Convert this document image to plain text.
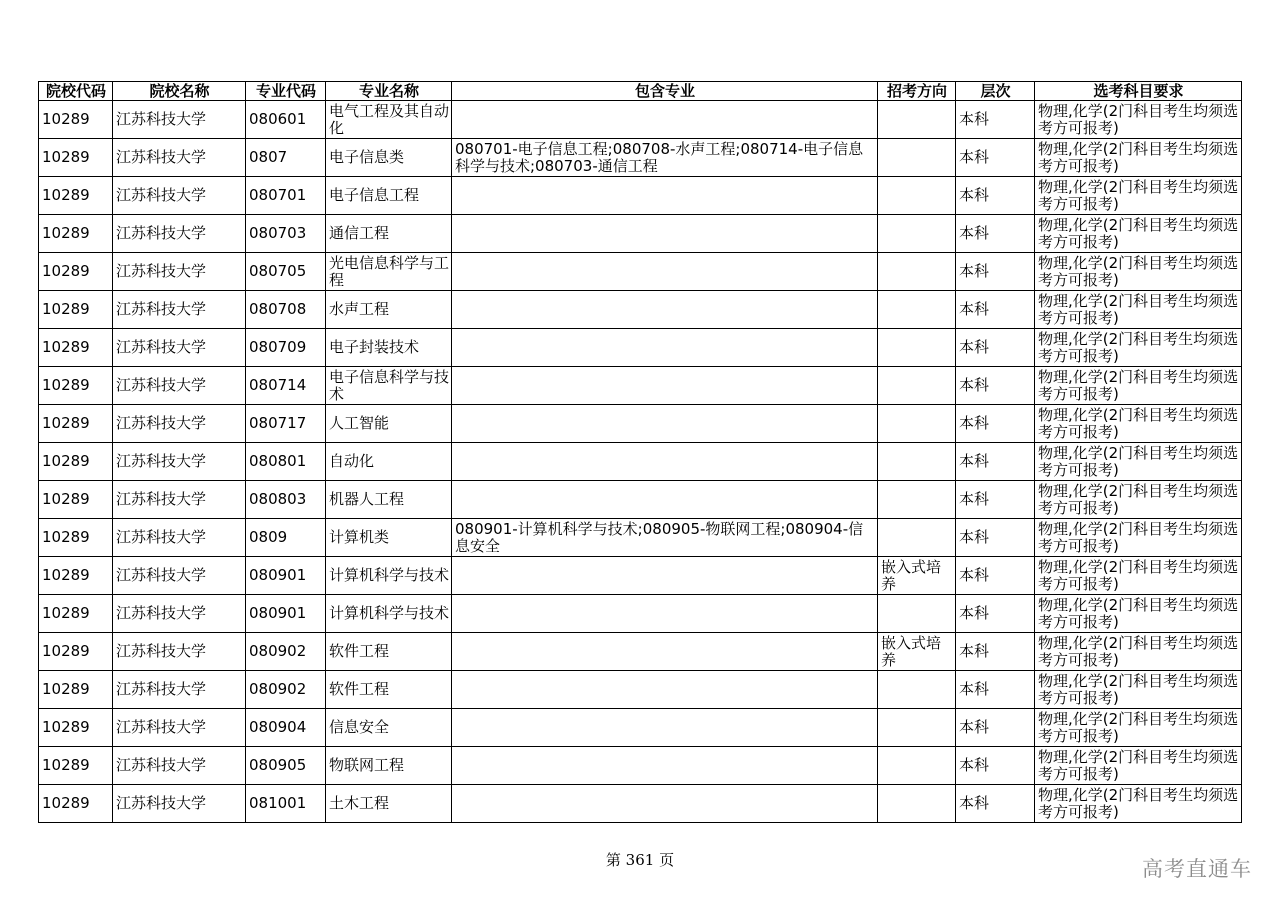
院校代码	院校名称	专业代码	专业名称	包含专业	招考方向	层次	选考科目要求
10289	江苏科技大学	080601	电气工程及其自动化			本科	物理,化学(2门科目考生均须选考方可报考)
10289	江苏科技大学	0807	电子信息类	080701-电子信息工程;080708-水声工程;080714-电子信息科学与技术;080703-通信工程		本科	物理,化学(2门科目考生均须选考方可报考)
10289	江苏科技大学	080701	电子信息工程			本科	物理,化学(2门科目考生均须选考方可报考)
10289	江苏科技大学	080703	通信工程			本科	物理,化学(2门科目考生均须选考方可报考)
10289	江苏科技大学	080705	光电信息科学与工程			本科	物理,化学(2门科目考生均须选考方可报考)
10289	江苏科技大学	080708	水声工程			本科	物理,化学(2门科目考生均须选考方可报考)
10289	江苏科技大学	080709	电子封装技术			本科	物理,化学(2门科目考生均须选考方可报考)
10289	江苏科技大学	080714	电子信息科学与技术			本科	物理,化学(2门科目考生均须选考方可报考)
10289	江苏科技大学	080717	人工智能			本科	物理,化学(2门科目考生均须选考方可报考)
10289	江苏科技大学	080801	自动化			本科	物理,化学(2门科目考生均须选考方可报考)
10289	江苏科技大学	080803	机器人工程			本科	物理,化学(2门科目考生均须选考方可报考)
10289	江苏科技大学	0809	计算机类	080901-计算机科学与技术;080905-物联网工程;080904-信息安全		本科	物理,化学(2门科目考生均须选考方可报考)
10289	江苏科技大学	080901	计算机科学与技术		嵌入式培养	本科	物理,化学(2门科目考生均须选考方可报考)
10289	江苏科技大学	080901	计算机科学与技术			本科	物理,化学(2门科目考生均须选考方可报考)
10289	江苏科技大学	080902	软件工程		嵌入式培养	本科	物理,化学(2门科目考生均须选考方可报考)
10289	江苏科技大学	080902	软件工程			本科	物理,化学(2门科目考生均须选考方可报考)
10289	江苏科技大学	080904	信息安全			本科	物理,化学(2门科目考生均须选考方可报考)
10289	江苏科技大学	080905	物联网工程			本科	物理,化学(2门科目考生均须选考方可报考)
10289	江苏科技大学	081001	土木工程			本科	物理,化学(2门科目考生均须选考方可报考)
第 361 页	高考直通车
